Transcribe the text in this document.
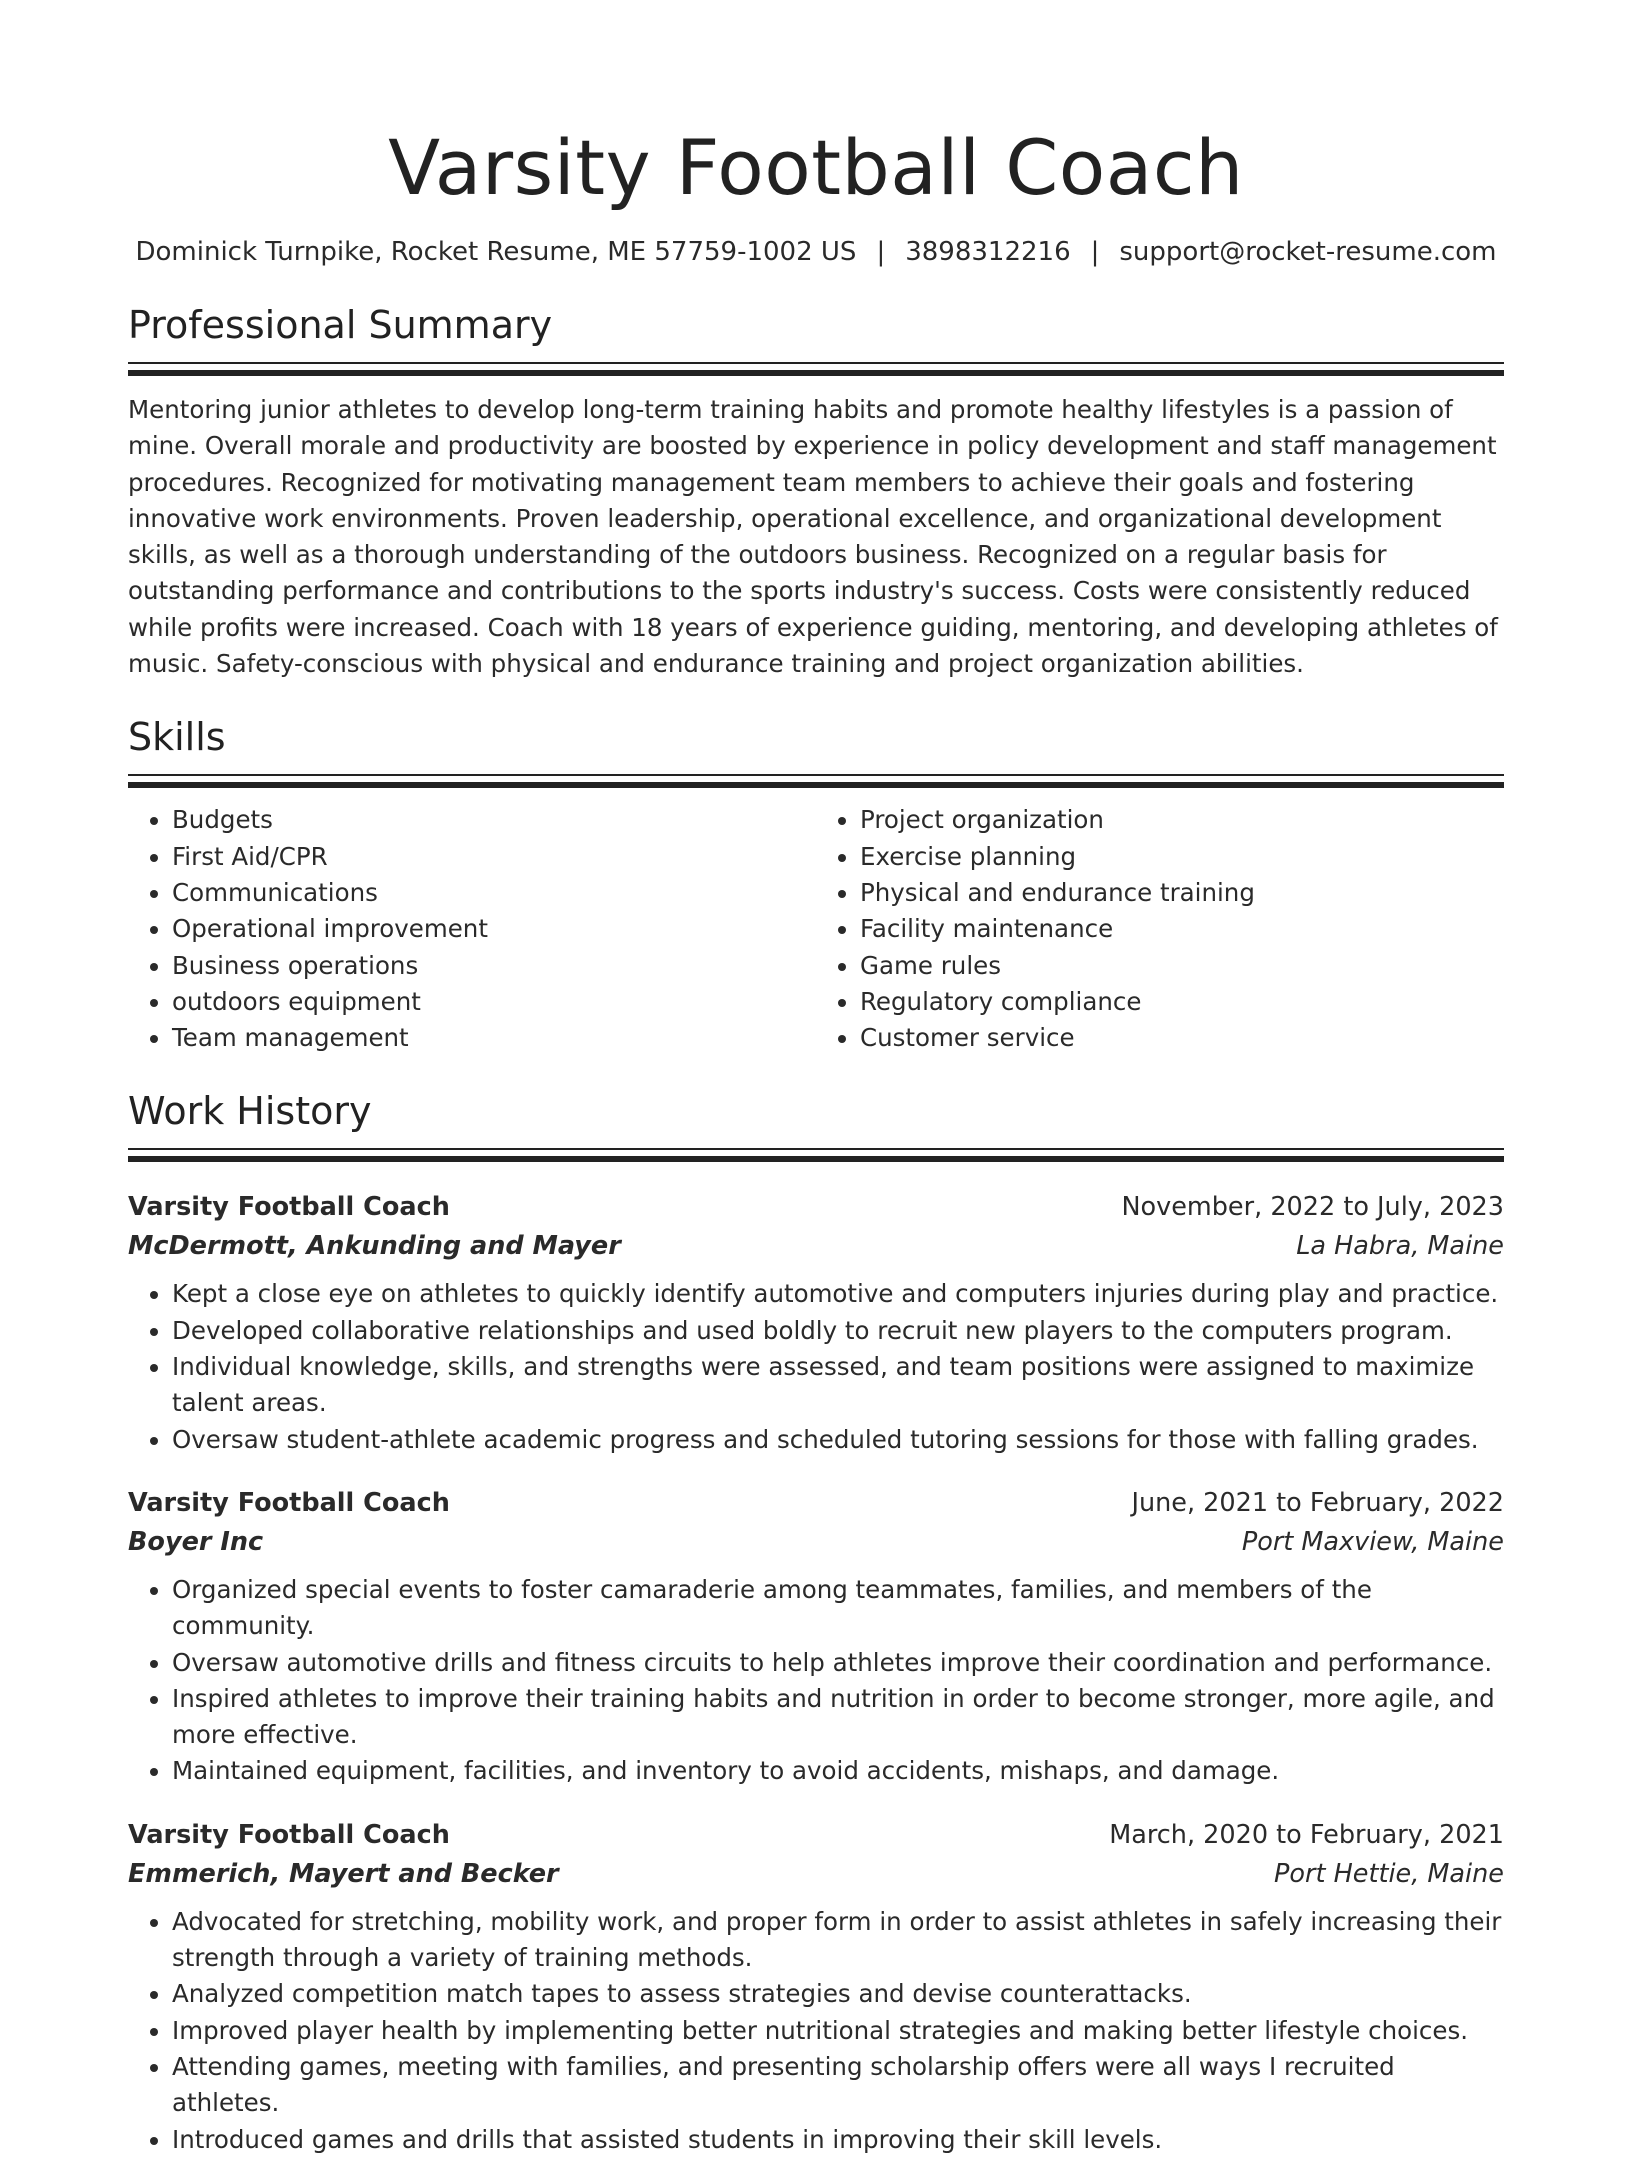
Varsity Football Coach
Dominick Turnpike, Rocket Resume, ME 57759-1002 US | 3898312216 | support@rocket-resume.com
Professional Summary

Mentoring junior athletes to develop long-term training habits and promote healthy lifestyles is a passion of mine. Overall morale and productivity are boosted by experience in policy development and staff management procedures. Recognized for motivating management team members to achieve their goals and fostering innovative work environments. Proven leadership, operational excellence, and organizational development skills, as well as a thorough understanding of the outdoors business. Recognized on a regular basis for outstanding performance and contributions to the sports industry's success. Costs were consistently reduced while profits were increased. Coach with 18 years of experience guiding, mentoring, and developing athletes of music. Safety-conscious with physical and endurance training and project organization abilities.

Skills
• Budgets
• First Aid/CPR
• Communications
• Operational improvement
• Business operations
• outdoors equipment
• Team management
• Project organization
• Exercise planning
• Physical and endurance training
• Facility maintenance
• Game rules
• Regulatory compliance
• Customer service
Work History
Varsity Football Coach	November, 2022 to July, 2023
McDermott, Ankunding and Mayer	La Habra, Maine
• Kept a close eye on athletes to quickly identify automotive and computers injuries during play and practice.
• Developed collaborative relationships and used boldly to recruit new players to the computers program.
• Individual knowledge, skills, and strengths were assessed, and team positions were assigned to maximize talent areas.
• Oversaw student-athlete academic progress and scheduled tutoring sessions for those with falling grades.
Varsity Football Coach	June, 2021 to February, 2022
Boyer Inc	Port Maxview, Maine
• Organized special events to foster camaraderie among teammates, families, and members of the community.
• Oversaw automotive drills and fitness circuits to help athletes improve their coordination and performance.
• Inspired athletes to improve their training habits and nutrition in order to become stronger, more agile, and more effective.
• Maintained equipment, facilities, and inventory to avoid accidents, mishaps, and damage.
Varsity Football Coach	March, 2020 to February, 2021
Emmerich, Mayert and Becker	Port Hettie, Maine
• Advocated for stretching, mobility work, and proper form in order to assist athletes in safely increasing their strength through a variety of training methods.
• Analyzed competition match tapes to assess strategies and devise counterattacks.
• Improved player health by implementing better nutritional strategies and making better lifestyle choices.
• Attending games, meeting with families, and presenting scholarship offers were all ways I recruited athletes.
• Introduced games and drills that assisted students in improving their skill levels.
